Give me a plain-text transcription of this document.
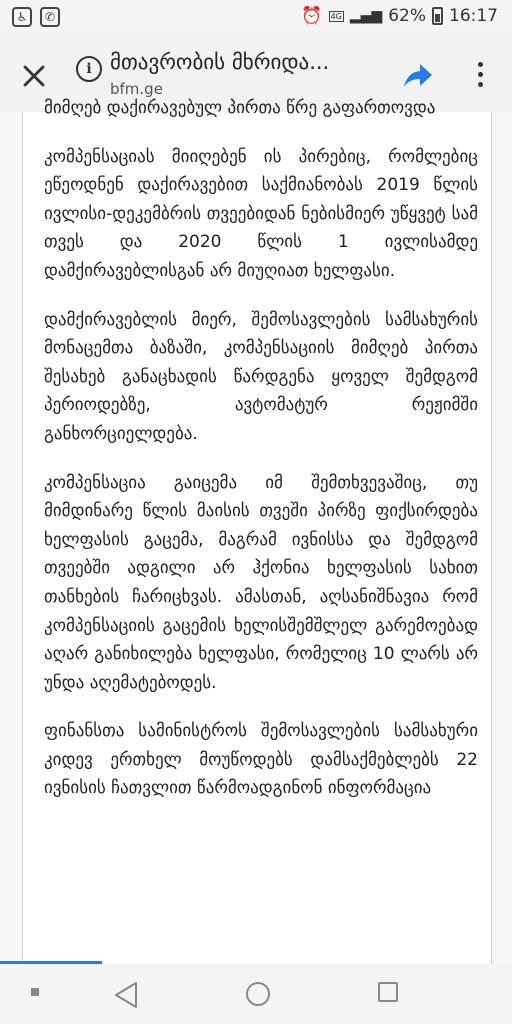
♿	✆	⏰ 4G ▂▄▆ 62% 16:17
i მთავრობის მხრიდა...
bfm.ge

მიმღებ დაქირავებულ პირთა წრე გაფართოვდა

კომპენსაციას მიიღებენ ის პირებიც, რომლებიც ეწეოდნენ დაქირავებით საქმიანობას 2019 წლის ივლისი-დეკემბრის თვეებიდან ნებისმიერ უწყვეტ სამ თვეს და 2020 წლის 1 ივლისამდე დამქირავებლისგან არ მიუღიათ ხელფასი.

დამქირავებლის მიერ, შემოსავლების სამსახურის მონაცემთა ბაზაში, კომპენსაციის მიმღებ პირთა შესახებ განაცხადის წარდგენა ყოველ შემდგომ პერიოდებზე, ავტომატურ რეჟიმში განხორციელდება.

კომპენსაცია გაიცემა იმ შემთხვევაშიც, თუ მიმდინარე წლის მაისის თვეში პირზე ფიქსირდება ხელფასის გაცემა, მაგრამ ივნისსა და შემდგომ თვეებში ადგილი არ ჰქონია ხელფასის სახით თანხების ჩარიცხვას. ამასთან, აღსანიშნავია რომ კომპენსაციის გაცემის ხელისშემშლელ გარემოებად აღარ განიხილება ხელფასი, რომელიც 10 ლარს არ უნდა აღემატებოდეს.

ფინანსთა სამინისტროს შემოსავლების სამსახური კიდევ ერთხელ მოუწოდებს დამსაქმებლებს 22 ივნისის ჩათვლით წარმოადგინონ ინფორმაცია
